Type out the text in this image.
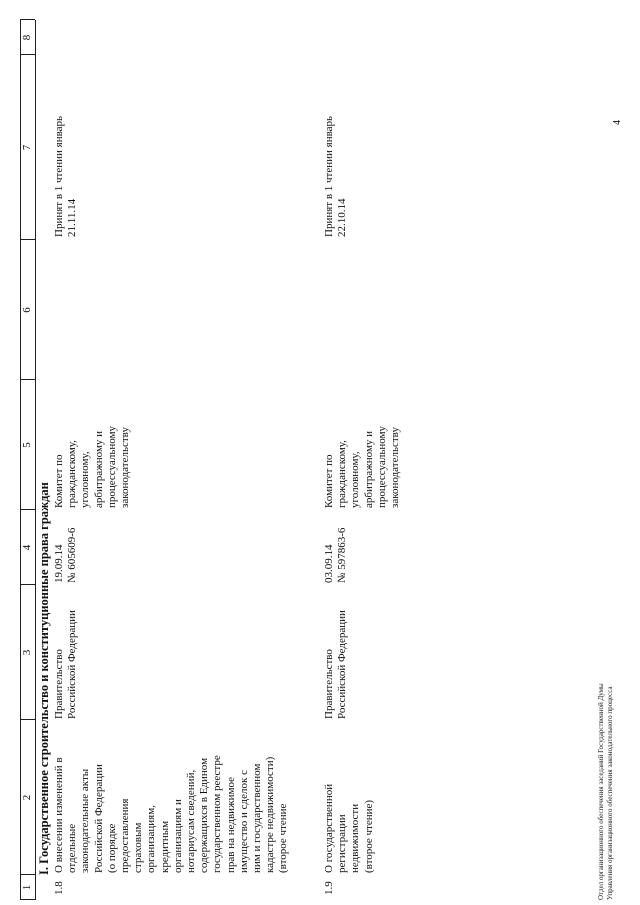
1
2
3
4
5
6
7
8
I. Государственное строительство и конституционные права граждан
1.8
О внесении изменений в отдельные законодательные акты Российской Федерации (о порядке предоставления страховым организациям, кредитным организациям и нотариусам сведений, содержащихся в Едином государственном реестре прав на недвижимое имущество и сделок с ним и государственном кадастре недвижимости) (второе чтение
Правительство Российской Федерации
19.09.14 № 605609-6
Комитет по гражданскому, уголовному, арбитражному и процессуальному законодательству
Принят в 1 чтении январь 21.11.14
1.9
О государственной регистрации недвижимости (второе чтение)
Правительство Российской Федерации
03.09.14 № 597863-6
Комитет по гражданскому, уголовному, арбитражному и процессуальному законодательству
Принят в 1 чтении январь 22.10.14
Отдел организационного обеспечения заседаний Государственной Думы Управления организационного обеспечения законодательного процесса
4
